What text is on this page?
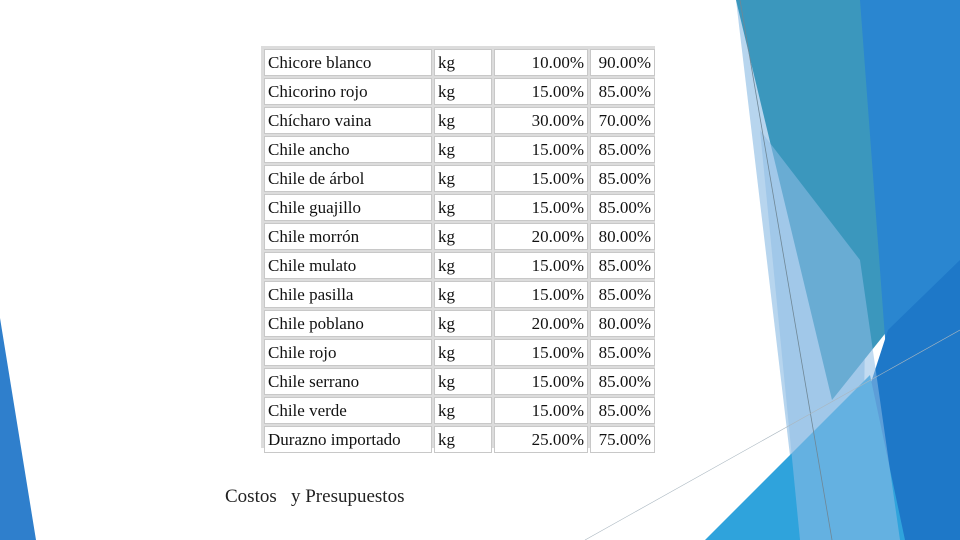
Chicore blanco	kg	10.00%	90.00%
Chicorino rojo	kg	15.00%	85.00%
Chícharo vaina	kg	30.00%	70.00%
Chile ancho	kg	15.00%	85.00%
Chile de árbol	kg	15.00%	85.00%
Chile guajillo	kg	15.00%	85.00%
Chile morrón	kg	20.00%	80.00%
Chile mulato	kg	15.00%	85.00%
Chile pasilla	kg	15.00%	85.00%
Chile poblano	kg	20.00%	80.00%
Chile rojo	kg	15.00%	85.00%
Chile serrano	kg	15.00%	85.00%
Chile verde	kg	15.00%	85.00%
Durazno importado	kg	25.00%	75.00%
Costos   y Presupuestos
